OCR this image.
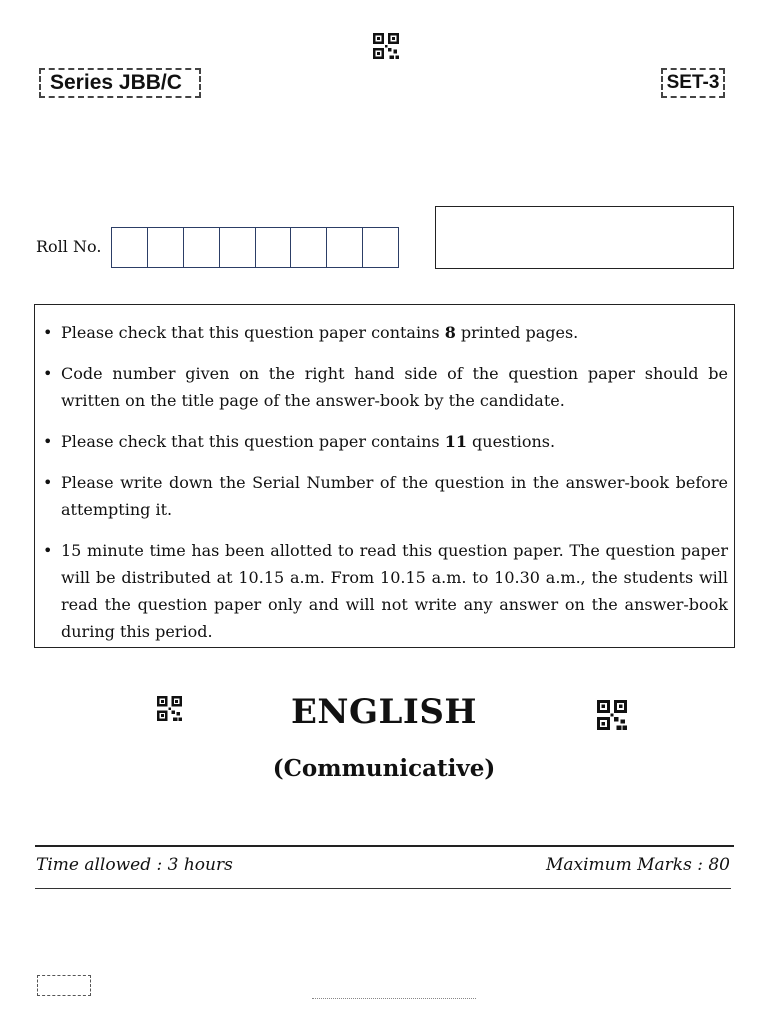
Series JBB/C	SET-3
Roll No.
• Please check that this question paper contains 8 printed pages.
• Code number given on the right hand side of the question paper should be written on the title page of the answer-book by the candidate.
• Please check that this question paper contains 11 questions.
• Please write down the Serial Number of the question in the answer-book before attempting it.
• 15 minute time has been allotted to read this question paper. The question paper will be distributed at 10.15 a.m. From 10.15 a.m. to 10.30 a.m., the students will read the question paper only and will not write any answer on the answer-book during this period.
ENGLISH
(Communicative)
Time allowed : 3 hours	Maximum Marks : 80
